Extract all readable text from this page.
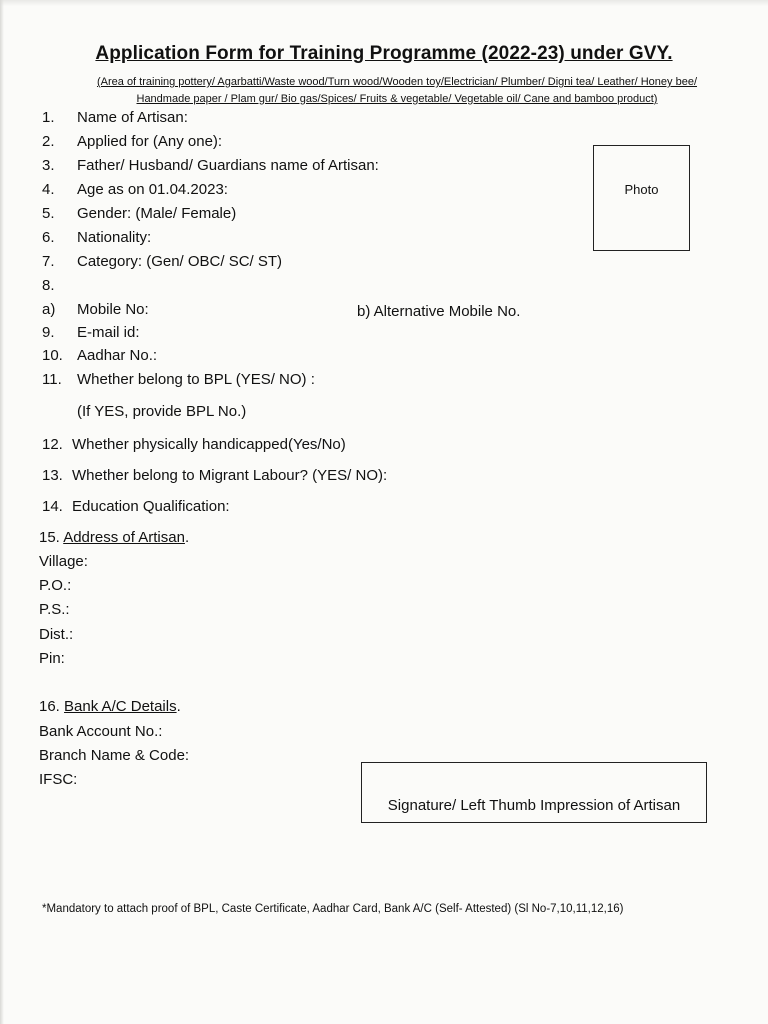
Application Form for Training Programme (2022-23) under GVY.
(Area of training pottery/ Agarbatti/Waste wood/Turn wood/Wooden toy/Electrician/ Plumber/ Digni tea/ Leather/ Honey bee/
Handmade paper / Plam gur/ Bio gas/Spices/ Fruits & vegetable/ Vegetable oil/ Cane and bamboo product)
Photo
1. Name of Artisan:
2. Applied for (Any one):
3. Father/ Husband/ Guardians name of Artisan:
4. Age as on 01.04.2023:
5. Gender: (Male/ Female)
6. Nationality:
7. Category: (Gen/ OBC/ SC/ ST)
8.
a) Mobile No:	b) Alternative Mobile No.
9. E-mail id:
10. Aadhar No.:
11. Whether belong to BPL (YES/ NO) :
(If YES, provide BPL No.)
12. Whether physically handicapped(Yes/No)
13. Whether belong to Migrant Labour? (YES/ NO):
14. Education Qualification:
15. Address of Artisan.
Village:
P.O.:
P.S.:
Dist.:
Pin:
16. Bank A/C Details.
Bank Account No.:
Branch Name & Code:
IFSC:
Signature/ Left Thumb Impression of Artisan
*Mandatory to attach proof of BPL, Caste Certificate, Aadhar Card, Bank A/C (Self- Attested) (Sl No-7,10,11,12,16)
